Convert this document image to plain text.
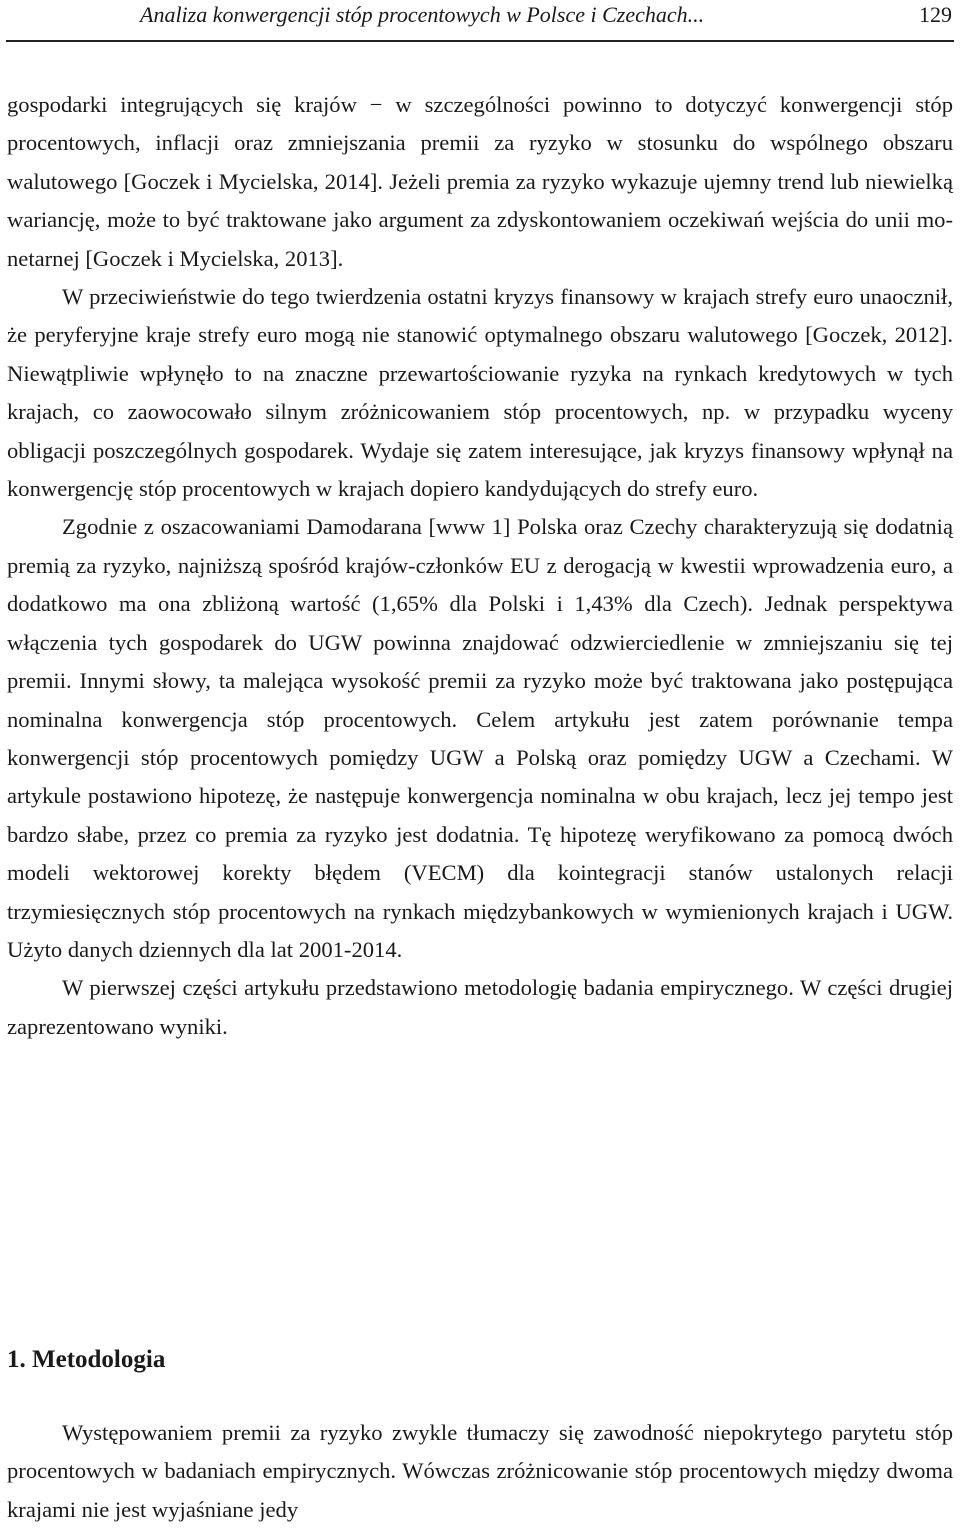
Analiza konwergencji stóp procentowych w Polsce i Czechach...	129

gospodarki integrujących się krajów − w szczególności powinno to dotyczyć konwergencji stóp procentowych, inflacji oraz zmniejszania premii za ryzyko w stosunku do wspólnego obszaru walutowego [Goczek i Mycielska, 2014]. Jeżeli premia za ryzyko wykazuje ujemny trend lub niewielką wariancję, może to być traktowane jako argument za zdyskontowaniem oczekiwań wejścia do unii monetarnej [Goczek i Mycielska, 2013].

W przeciwieństwie do tego twierdzenia ostatni kryzys finansowy w krajach strefy euro unaocznił, że peryferyjne kraje strefy euro mogą nie stanowić optymalnego obszaru walutowego [Goczek, 2012]. Niewątpliwie wpłynęło to na znaczne przewartościowanie ryzyka na rynkach kredytowych w tych krajach, co zaowocowało silnym zróżnicowaniem stóp procentowych, np. w przypadku wyceny obligacji poszczególnych gospodarek. Wydaje się zatem interesujące, jak kryzys finansowy wpłynął na konwergencję stóp procentowych w krajach dopiero kandydujących do strefy euro.

Zgodnie z oszacowaniami Damodarana [www 1] Polska oraz Czechy charakteryzują się dodatnią premią za ryzyko, najniższą spośród krajów-członków EU z derogacją w kwestii wprowadzenia euro, a dodatkowo ma ona zbliżoną wartość (1,65% dla Polski i 1,43% dla Czech). Jednak perspektywa włączenia tych gospodarek do UGW powinna znajdować odzwierciedlenie w zmniejszaniu się tej premii. Innymi słowy, ta malejąca wysokość premii za ryzyko może być traktowana jako postępująca nominalna konwergencja stóp procentowych. Celem artykułu jest zatem porównanie tempa konwergencji stóp procentowych pomiędzy UGW a Polską oraz pomiędzy UGW a Czechami. W artykule postawiono hipotezę, że następuje konwergencja nominalna w obu krajach, lecz jej tempo jest bardzo słabe, przez co premia za ryzyko jest dodatnia. Tę hipotezę weryfikowano za pomocą dwóch modeli wektorowej korekty błędem (VECM) dla kointegracji stanów ustalonych relacji trzymiesięcznych stóp procentowych na rynkach międzybankowych w wymienionych krajach i UGW. Użyto danych dziennych dla lat 2001-2014.

W pierwszej części artykułu przedstawiono metodologię badania empirycznego. W części drugiej zaprezentowano wyniki.

1. Metodologia

Występowaniem premii za ryzyko zwykle tłumaczy się zawodność niepokrytego parytetu stóp procentowych w badaniach empirycznych. Wówczas zróżnicowanie stóp procentowych między dwoma krajami nie jest wyjaśniane jedy
